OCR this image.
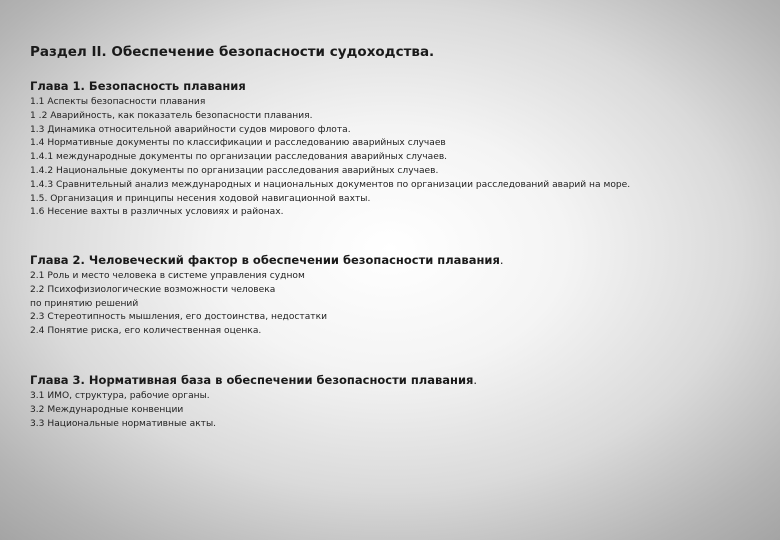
Раздел II. Обеспечение безопасности судоходства.
Глава 1. Безопасность плавания
1.1 Аспекты безопасности плавания
1 .2 Аварийность, как показатель безопасности плавания.
1.3 Динамика относительной аварийности судов мирового флота.
1.4 Нормативные документы по классификации и расследованию аварийных случаев
1.4.1 международные документы по организации расследования аварийных случаев.
1.4.2 Национальные документы по организации расследования аварийных случаев.
1.4.3 Сравнительный анализ международных и национальных документов по организации расследований аварий на море.
1.5. Организация и принципы несения ходовой навигационной вахты.
1.6 Несение вахты в различных условиях и районах.
Глава 2. Человеческий фактор в обеспечении безопасности плавания.
2.1 Роль и место человека в системе управления судном
2.2 Психофизиологические возможности человека
по принятию решений
2.3 Стереотипность мышления, его достоинства, недостатки
2.4 Понятие риска, его количественная оценка.
Глава 3. Нормативная база в обеспечении безопасности плавания.
3.1 ИМО, структура, рабочие органы.
3.2 Международные конвенции
3.3 Национальные нормативные акты.
